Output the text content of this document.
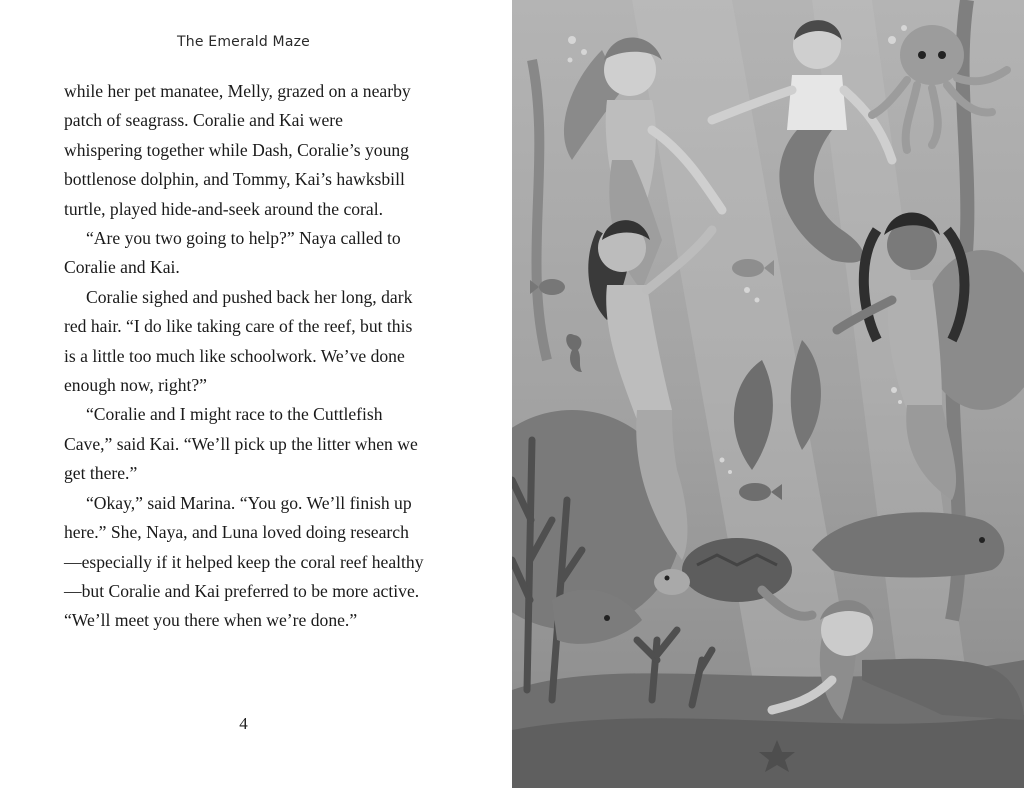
The Emerald Maze

while her pet manatee, Melly, grazed on a nearby patch of seagrass. Coralie and Kai were whispering together while Dash, Coralie’s young bottlenose dolphin, and Tommy, Kai’s hawksbill turtle, played hide-and-seek around the coral.

“Are you two going to help?” Naya called to Coralie and Kai.

Coralie sighed and pushed back her long, dark red hair. “I do like taking care of the reef, but this is a little too much like schoolwork. We’ve done enough now, right?”

“Coralie and I might race to the Cuttlefish Cave,” said Kai. “We’ll pick up the litter when we get there.”

“Okay,” said Marina. “You go. We’ll finish up here.” She, Naya, and Luna loved doing research—especially if it helped keep the coral reef healthy—but Coralie and Kai preferred to be more active. “We’ll meet you there when we’re done.”

4
